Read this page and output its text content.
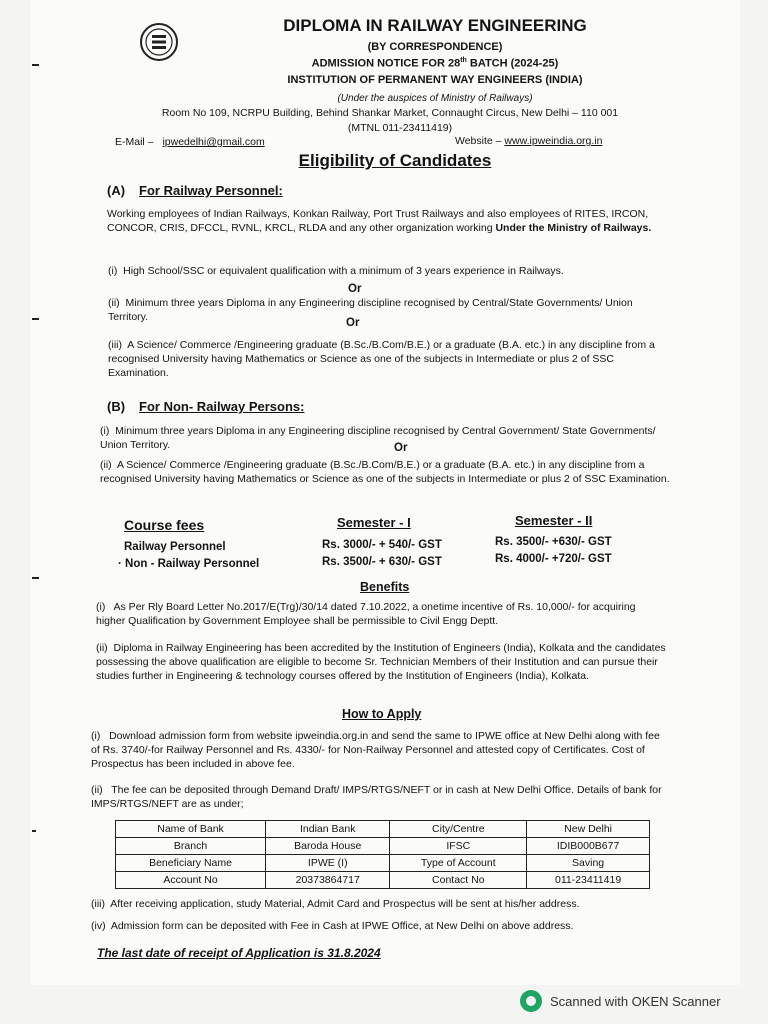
DIPLOMA IN RAILWAY ENGINEERING
(BY CORRESPONDENCE)
ADMISSION NOTICE FOR 28th BATCH (2024-25)
INSTITUTION OF PERMANENT WAY ENGINEERS (INDIA)
(Under the auspices of Ministry of Railways)
Room No 109, NCRPU Building, Behind Shankar Market, Connaught Circus, New Delhi – 110 001
(MTNL 011-23411419)
E-Mail – ipwedelhi@gmail.com	Website – www.ipweindia.org.in
Eligibility of Candidates
(A) For Railway Personnel:
Working employees of Indian Railways, Konkan Railway, Port Trust Railways and also employees of RITES, IRCON, CONCOR, CRIS, DFCCL, RVNL, KRCL, RLDA and any other organization working Under the Ministry of Railways.
(i) High School/SSC or equivalent qualification with a minimum of 3 years experience in Railways.
Or
(ii) Minimum three years Diploma in any Engineering discipline recognised by Central/State Governments/ Union Territory.	Or
(iii) A Science/ Commerce /Engineering graduate (B.Sc./B.Com/B.E.) or a graduate (B.A. etc.) in any discipline from a recognised University having Mathematics or Science as one of the subjects in Intermediate or plus 2 of SSC Examination.
(B) For Non- Railway Persons:
(i) Minimum three years Diploma in any Engineering discipline recognised by Central Government/ State Governments/ Union Territory.	Or
(ii) A Science/ Commerce /Engineering graduate (B.Sc./B.Com/B.E.) or a graduate (B.A. etc.) in any discipline from a recognised University having Mathematics or Science as one of the subjects in Intermediate or plus 2 of SSC Examination.
Course fees	Semester - I	Semester - II
Railway Personnel	Rs. 3000/- + 540/- GST	Rs. 3500/- +630/- GST
· Non - Railway Personnel	Rs. 3500/- + 630/- GST	Rs. 4000/- +720/- GST
Benefits
(i) As Per Rly Board Letter No.2017/E(Trg)/30/14 dated 7.10.2022, a onetime incentive of Rs. 10,000/- for acquiring higher Qualification by Government Employee shall be permissible to Civil Engg Deptt.
(ii) Diploma in Railway Engineering has been accredited by the Institution of Engineers (India), Kolkata and the candidates possessing the above qualification are eligible to become Sr. Technician Members of their Institution and can pursue their studies further in Engineering & technology courses offered by the Institution of Engineers (India), Kolkata.
How to Apply
(i) Download admission form from website ipweindia.org.in and send the same to IPWE office at New Delhi along with fee of Rs. 3740/-for Railway Personnel and Rs. 4330/- for Non-Railway Personnel and attested copy of Certificates. Cost of Prospectus has been included in above fee.
(ii) The fee can be deposited through Demand Draft/ IMPS/RTGS/NEFT or in cash at New Delhi Office. Details of bank for IMPS/RTGS/NEFT are as under;
Name of Bank	Indian Bank	City/Centre	New Delhi
Branch	Baroda House	IFSC	IDIB000B677
Beneficiary Name	IPWE (I)	Type of Account	Saving
Account No	20373864717	Contact No	011-23411419
(iii) After receiving application, study Material, Admit Card and Prospectus will be sent at his/her address.
(iv) Admission form can be deposited with Fee in Cash at IPWE Office, at New Delhi on above address.
The last date of receipt of Application is 31.8.2024
Scanned with OKEN Scanner
